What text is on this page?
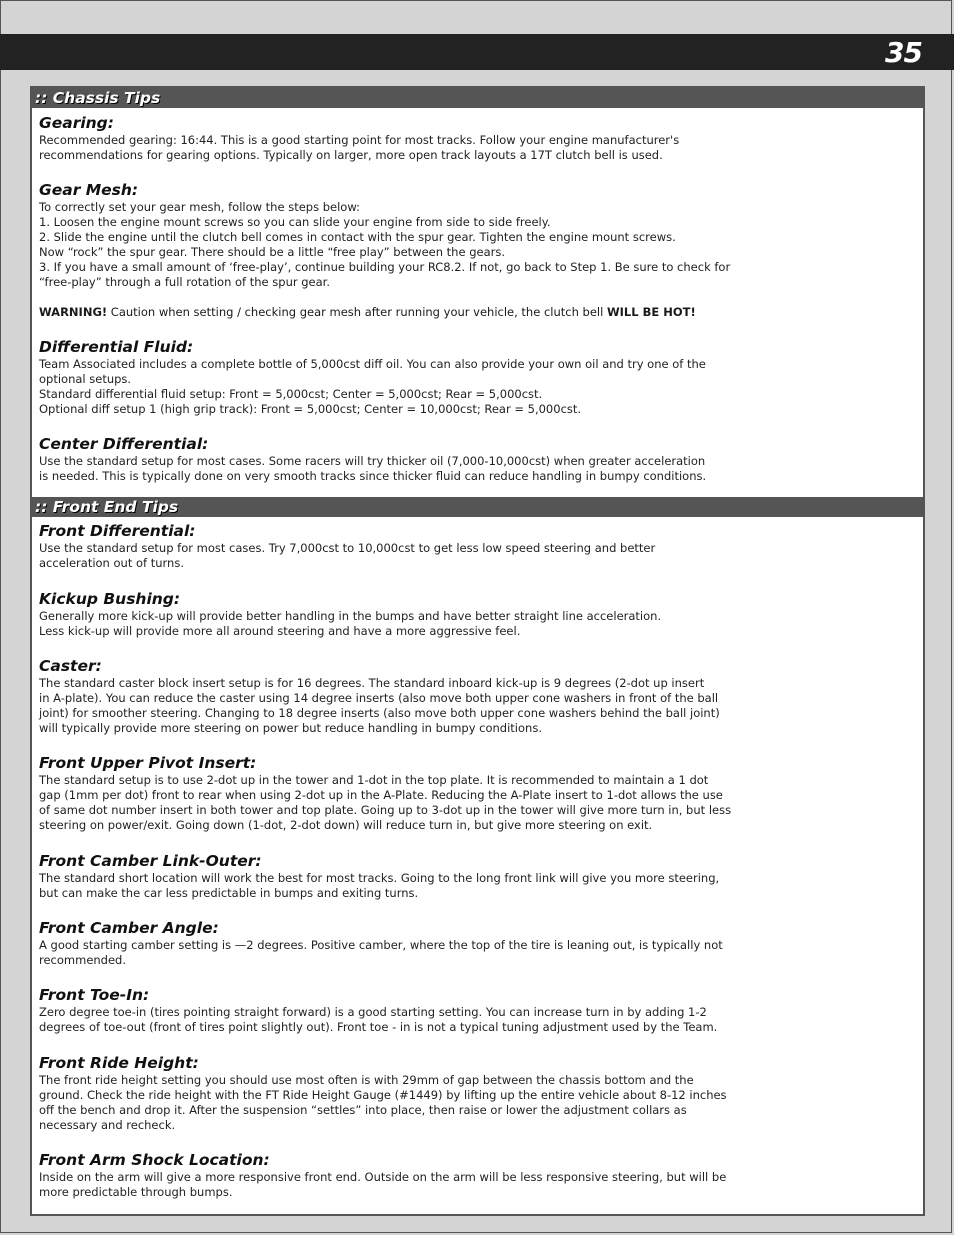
35
:: Chassis Tips

Gearing:

Recommended gearing: 16:44. This is a good starting point for most tracks. Follow your engine manufacturer's
recommendations for gearing options. Typically on larger, more open track layouts a 17T clutch bell is used.

Gear Mesh:

To correctly set your gear mesh, follow the steps below:

1. Loosen the engine mount screws so you can slide your engine from side to side freely.

2. Slide the engine until the clutch bell comes in contact with the spur gear. Tighten the engine mount screws.
Now “rock” the spur gear. There should be a little “free play” between the gears.

3. If you have a small amount of ‘free-play’, continue building your RC8.2. If not, go back to Step 1. Be sure to check for
“free-play” through a full rotation of the spur gear.

WARNING! Caution when setting / checking gear mesh after running your vehicle, the clutch bell WILL BE HOT!

Differential Fluid:

Team Associated includes a complete bottle of 5,000cst diff oil. You can also provide your own oil and try one of the
optional setups.
Standard differential fluid setup: Front = 5,000cst; Center = 5,000cst; Rear = 5,000cst.
Optional diff setup 1 (high grip track): Front = 5,000cst; Center = 10,000cst; Rear = 5,000cst.

Center Differential:

Use the standard setup for most cases. Some racers will try thicker oil (7,000-10,000cst) when greater acceleration
is needed. This is typically done on very smooth tracks since thicker fluid can reduce handling in bumpy conditions.

:: Front End Tips

Front Differential:

Use the standard setup for most cases. Try 7,000cst to 10,000cst to get less low speed steering and better
acceleration out of turns.

Kickup Bushing:

Generally more kick-up will provide better handling in the bumps and have better straight line acceleration.
Less kick-up will provide more all around steering and have a more aggressive feel.

Caster:

The standard caster block insert setup is for 16 degrees. The standard inboard kick-up is 9 degrees (2-dot up insert
in A-plate). You can reduce the caster using 14 degree inserts (also move both upper cone washers in front of the ball
joint) for smoother steering. Changing to 18 degree inserts (also move both upper cone washers behind the ball joint)
will typically provide more steering on power but reduce handling in bumpy conditions.

Front Upper Pivot Insert:

The standard setup is to use 2-dot up in the tower and 1-dot in the top plate. It is recommended to maintain a 1 dot
gap (1mm per dot) front to rear when using 2-dot up in the A-Plate. Reducing the A-Plate insert to 1-dot allows the use
of same dot number insert in both tower and top plate. Going up to 3-dot up in the tower will give more turn in, but less
steering on power/exit. Going down (1-dot, 2-dot down) will reduce turn in, but give more steering on exit.

Front Camber Link-Outer:

The standard short location will work the best for most tracks. Going to the long front link will give you more steering,
but can make the car less predictable in bumps and exiting turns.

Front Camber Angle:

A good starting camber setting is —2 degrees. Positive camber, where the top of the tire is leaning out, is typically not
recommended.

Front Toe-In:

Zero degree toe-in (tires pointing straight forward) is a good starting setting. You can increase turn in by adding 1-2
degrees of toe-out (front of tires point slightly out). Front toe - in is not a typical tuning adjustment used by the Team.

Front Ride Height:

The front ride height setting you should use most often is with 29mm of gap between the chassis bottom and the
ground. Check the ride height with the FT Ride Height Gauge (#1449) by lifting up the entire vehicle about 8-12 inches
off the bench and drop it. After the suspension “settles” into place, then raise or lower the adjustment collars as
necessary and recheck.

Front Arm Shock Location:

Inside on the arm will give a more responsive front end. Outside on the arm will be less responsive steering, but will be
more predictable through bumps.
